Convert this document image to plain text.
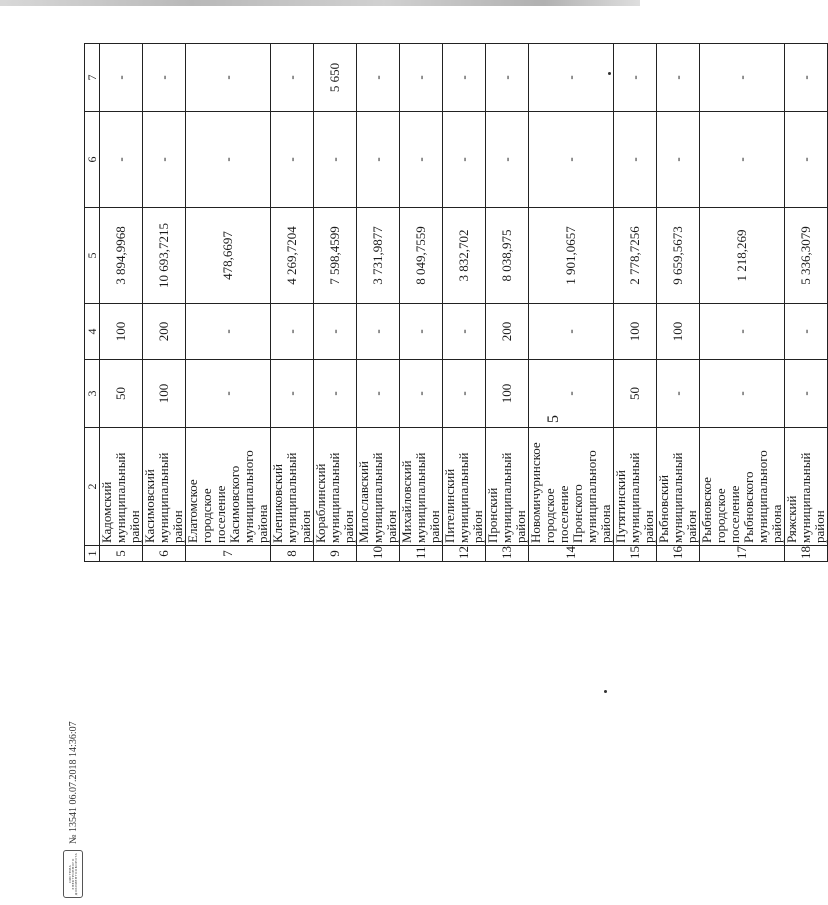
5
1	2	3	4	5	6	7
5	Кадомский муниципальный район	50	100	3 894,9968	-	-
6	Касимовский муниципальный район	100	200	10 693,7215	-	-
7	Елатомское городское поселение Касимовского муниципального района	-	-	478,6697	-	-
8	Клепиковский муниципальный район	-	-	4 269,7204	-	-
9	Кораблинский муниципальный район	-	-	7 598,4599	-	5 650
10	Милославский муниципальный район	-	-	3 731,9877	-	-
11	Михайловский муниципальный район	-	-	8 049,7559	-	-
12	Пителинский муниципальный район	-	-	3 832,702	-	-
13	Пронский муниципальный район	100	200	8 038,975	-	-
14	Новомичуринское городское поселение Пронского муниципального района	-	-	1 901,0657	-	-
15	Путятинский муниципальный район	50	100	2 778,7256	-	-
16	Рыбновский муниципальный район	-	100	9 659,5673	-	-
17	Рыбновское городское поселение Рыбновского муниципального района	-	-	1 218,269	-	-
18	Ряжский муниципальный район	-	-	5 336,3079	-	-
СИСТЕМА ЭЛЕКТРОННОГО ДОКУМЕНТООБОРОТА
№ 13541 06.07.2018 14:36:07
